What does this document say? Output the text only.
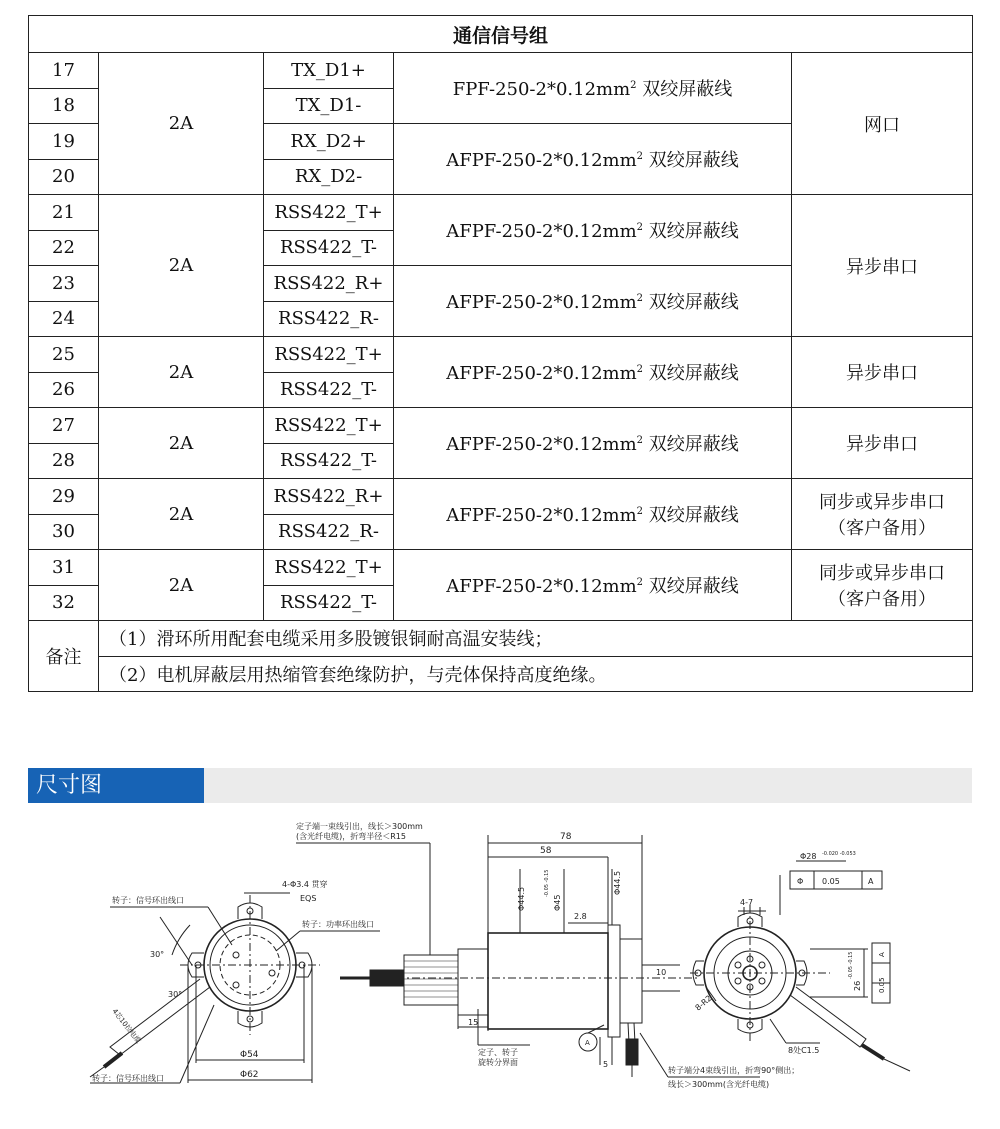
通信信号组				
17	2A	TX_D1+	FPF-$250-2*0.12mm^2$ 双绞屏蔽线	网口
18		TX_D1-		
19		RX_D2+	AFPF-$250-2*0.12mm^2$ 双绞屏蔽线	
20		RX_D2-		
21	2A	RSS422_T+	AFPF-$250-2*0.12mm^2$ 双绞屏蔽线	异步串口
22		RSS422_T-		
23		RSS422_R+	AFPF-$250-2*0.12mm^2$ 双绞屏蔽线	
24		RSS422_R-		
25	2A	RSS422_T+	AFPF-$250-2*0.12mm^2$ 双绞屏蔽线	异步串口
26		RSS422_T-		
27	2A	RSS422_T+	AFPF-$250-2*0.12mm^2$ 双绞屏蔽线	异步串口
28		RSS422_T-		
29	2A	RSS422_R+	AFPF-$250-2*0.12mm^2$ 双绞屏蔽线	同步或异步串口
（客户备用）

30		RSS422_R-		
31	2A	RSS422_T+	AFPF-$250-2*0.12mm^2$ 双绞屏蔽线	同步或异步串口
（客户备用）

32		RSS422_T-		
备注	（1）滑环所用配套电缆采用多股镀银铜耐高温安装线；			
	（2）电机屏蔽层用热缩管套绝缘防护，与壳体保持高度绝缘。			
尺寸图
转子：信号环出线口
4-Φ3.4 贯穿
EQS
转子：功率环出线口
30°
30°
4芯10拉电缆
Φ54
Φ62
转子：信号环出线口
定子端一束线引出，线长＞300mm
(含光纤电缆)，折弯半径＜R15	78
58
Φ44.5	Φ45
-0.05 -0.15	Φ44.5
2.8
10
15
5
A
定子、转子
旋转分界面
转子端分4束线引出，折弯90°侧出；
线长＞300mm(含光纤电缆)
Φ28 -0.020 -0.053
Φ 0.05	A
4-7
26
-0.05 -0.15
0.05
A
8-R2
8处C1.5
